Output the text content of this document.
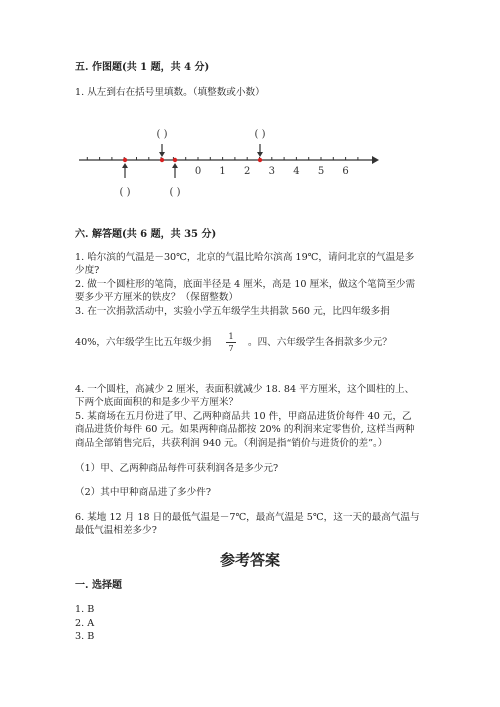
五. 作图题(共 1 题，共 4 分)
1. 从左到右在括号里填数。（填整数或小数）
0 1 2 3 4 5 6
( )	( )
( )	( )
六. 解答题(共 6 题，共 35 分)
1. 哈尔滨的气温是－30℃，北京的气温比哈尔滨高 19℃，请问北京的气温是多
少度?
2. 做一个圆柱形的笔筒，底面半径是 4 厘米，高是 10 厘米，做这个笔筒至少需
要多少平方厘米的铁皮？（保留整数）
3. 在一次捐款活动中，实验小学五年级学生共捐款 560 元，比四年级多捐
40%，六年级学生比五年级少捐
1
7
。四、六年级学生各捐款多少元？
4. 一个圆柱，高减少 2 厘米，表面积就减少 18. 84 平方厘米，这个圆柱的上、
下两个底面面积的和是多少平方厘米？
5. 某商场在五月份进了甲、乙两种商品共 10 件，甲商品进货价每件 40 元，乙
商品进货价每件 60 元。如果两种商品都按 20% 的利润来定零售价, 这样当两种
商品全部销售完后，共获利润 940 元。（利润是指“销价与进货价的差”。）
（1）甲、乙两种商品每件可获利润各是多少元?
（2）其中甲种商品进了多少件?
6. 某地 12 月 18 日的最低气温是－7℃，最高气温是 5℃，这一天的最高气温与
最低气温相差多少?
参考答案
一. 选择题
1. B
2. A
3. B
